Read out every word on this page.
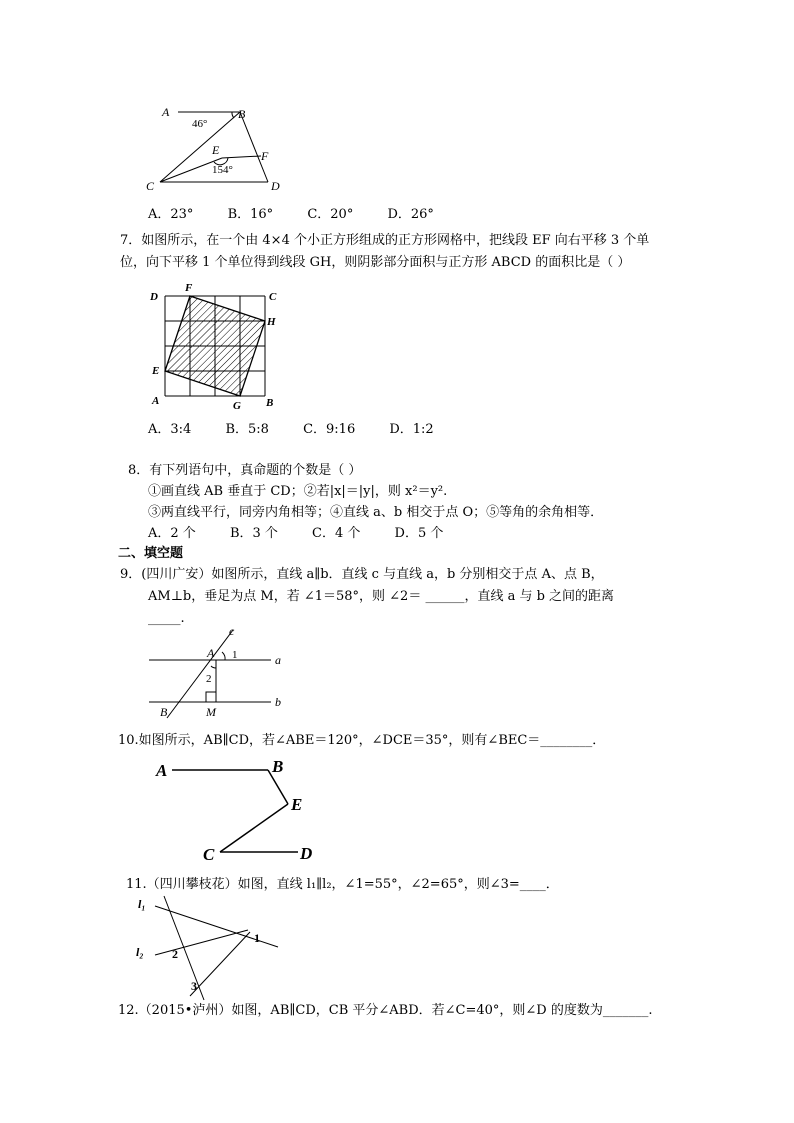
A	B
46°
E	F
154°
C	D
A．23°	B．16°	C．20°	D．26°
7．如图所示，在一个由 4×4 个小正方形组成的正方形网格中，把线段 EF 向右平移 3 个单
位，向下平移 1 个单位得到线段 GH，则阴影部分面积与正方形 ABCD 的面积比是（ ）
D
F
C
H
E
A	G B
A．3:4	B．5:8	C．9:16	D．1:2
8．有下列语句中，真命题的个数是（ ）
①画直线 AB 垂直于 CD；②若|x|＝|y|，则 x²＝y².
③两直线平行，同旁内角相等；④直线 a、b 相交于点 O；⑤等角的余角相等．
A．2 个	B．3 个	C．4 个	D．5 个
二、填空题
9．(四川广安）如图所示，直线 a∥b．直线 c 与直线 a，b 分别相交于点 A、点 B，
AM⊥b，垂足为点 M，若 ∠1＝58°，则 ∠2＝ ______，直线 a 与 b 之间的距离
_____.
c
A 1	a
2
b
B	M
10.如图所示，AB∥CD，若∠ABE＝120°，∠DCE＝35°，则有∠BEC＝________．
A	B
E
C	D
11.（四川攀枝花）如图，直线 l₁∥l₂，∠1=55°，∠2=65°，则∠3=____．
l₁
l₂
1
2
3
12.（2015•泸州）如图，AB∥CD，CB 平分∠ABD．若∠C=40°，则∠D 的度数为_______.
